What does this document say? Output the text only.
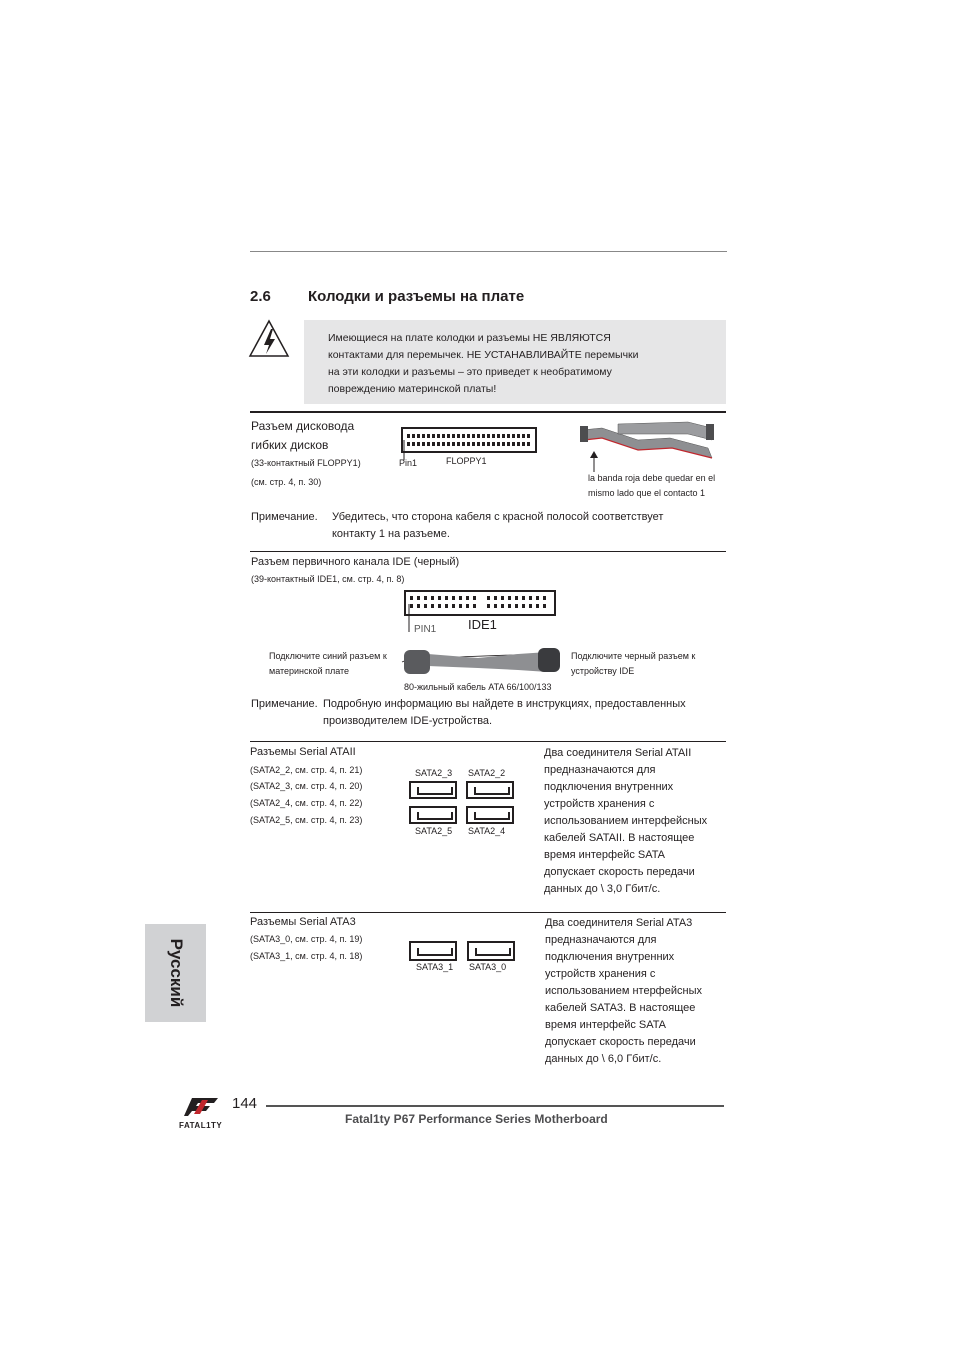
2.6 Колодки и разъемы на плате
Имеющиеся на плате колодки и разъемы НЕ ЯВЛЯЮТСЯ
контактами для перемычек. НЕ УСТАНАВЛИВАЙТЕ перемычки
на эти колодки и разъемы – это приведет к необратимому
повреждению материнской платы!
Разъем дисковода
гибких дисков
(33-контактный FLOPPY1)
(см. стр. 4, п. 30)
Pin1	FLOPPY1
la banda roja debe quedar en el
mismo lado que el contacto 1
Примечание. Убедитесь, что сторона кабеля с красной полосой соответствует
контакту 1 на разъеме.
Разъем первичного канала IDE (черный)
(39-контактный IDE1, см. стр. 4, п. 8)
PIN1 IDE1
Подключите синий разъем к
материнской плате
Подключите черный разъем к
устройству IDE
80-жильный кабель ATA 66/100/133
Примечание. Подробную информацию вы найдете в инструкциях, предоставленных
производителем IDE-устройства.
Разъемы Serial ATAII
(SATA2_2, см. стр. 4, п. 21)
(SATA2_3, см. стр. 4, п. 20)
(SATA2_4, см. стр. 4, п. 22)
(SATA2_5, см. стр. 4, п. 23)
SATA2_3 SATA2_2
SATA2_5 SATA2_4
Два соединителя Serial ATAII
предназначаются для
подключения внутренних
устройств хранения с
использованием интерфейсных
кабелей SATAII. В настоящее
время интерфейс SATA
допускает скорость передачи
данных до \ 3,0 Гбит/с.
Разъемы Serial ATA3
(SATA3_0, см. стр. 4, п. 19)
(SATA3_1, см. стр. 4, п. 18)
SATA3_1 SATA3_0
Два соединителя Serial ATA3
предназначаются для
подключения внутренних
устройств хранения с
использованием нтерфейсных
кабелей SATA3. В настоящее
время интерфейс SATA
допускает скорость передачи
данных до \ 6,0 Гбит/с.
Русский
FATAL1TY
144
Fatal1ty P67 Performance Series Motherboard
